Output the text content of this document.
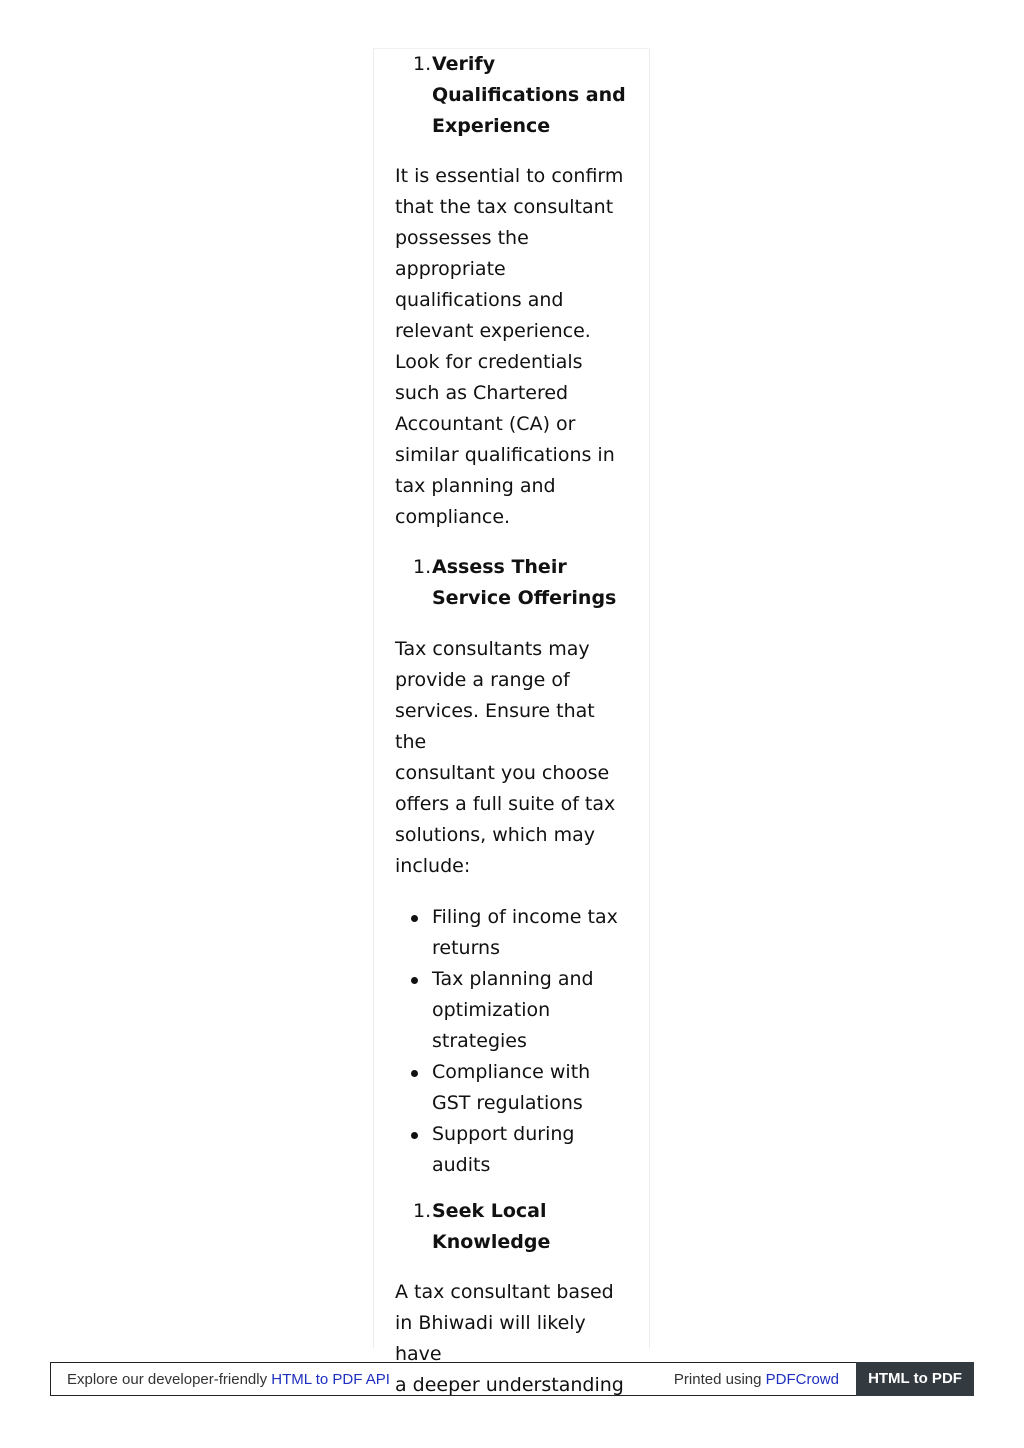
1. Verify
Qualifications and
Experience
It is essential to confirm
that the tax consultant
possesses the
appropriate
qualifications and
relevant experience.
Look for credentials
such as Chartered
Accountant (CA) or
similar qualifications in
tax planning and
compliance.
1. Assess Their
Service Offerings
Tax consultants may
provide a range of
services. Ensure that the
consultant you choose
offers a full suite of tax
solutions, which may
include:
Filing of income tax
returns
Tax planning and
optimization
strategies
Compliance with
GST regulations
Support during
audits
1. Seek Local
Knowledge
A tax consultant based
in Bhiwadi will likely have
a deeper understanding
Explore our developer-friendly HTML to PDF API	Printed using PDFCrowd	HTML to PDF
